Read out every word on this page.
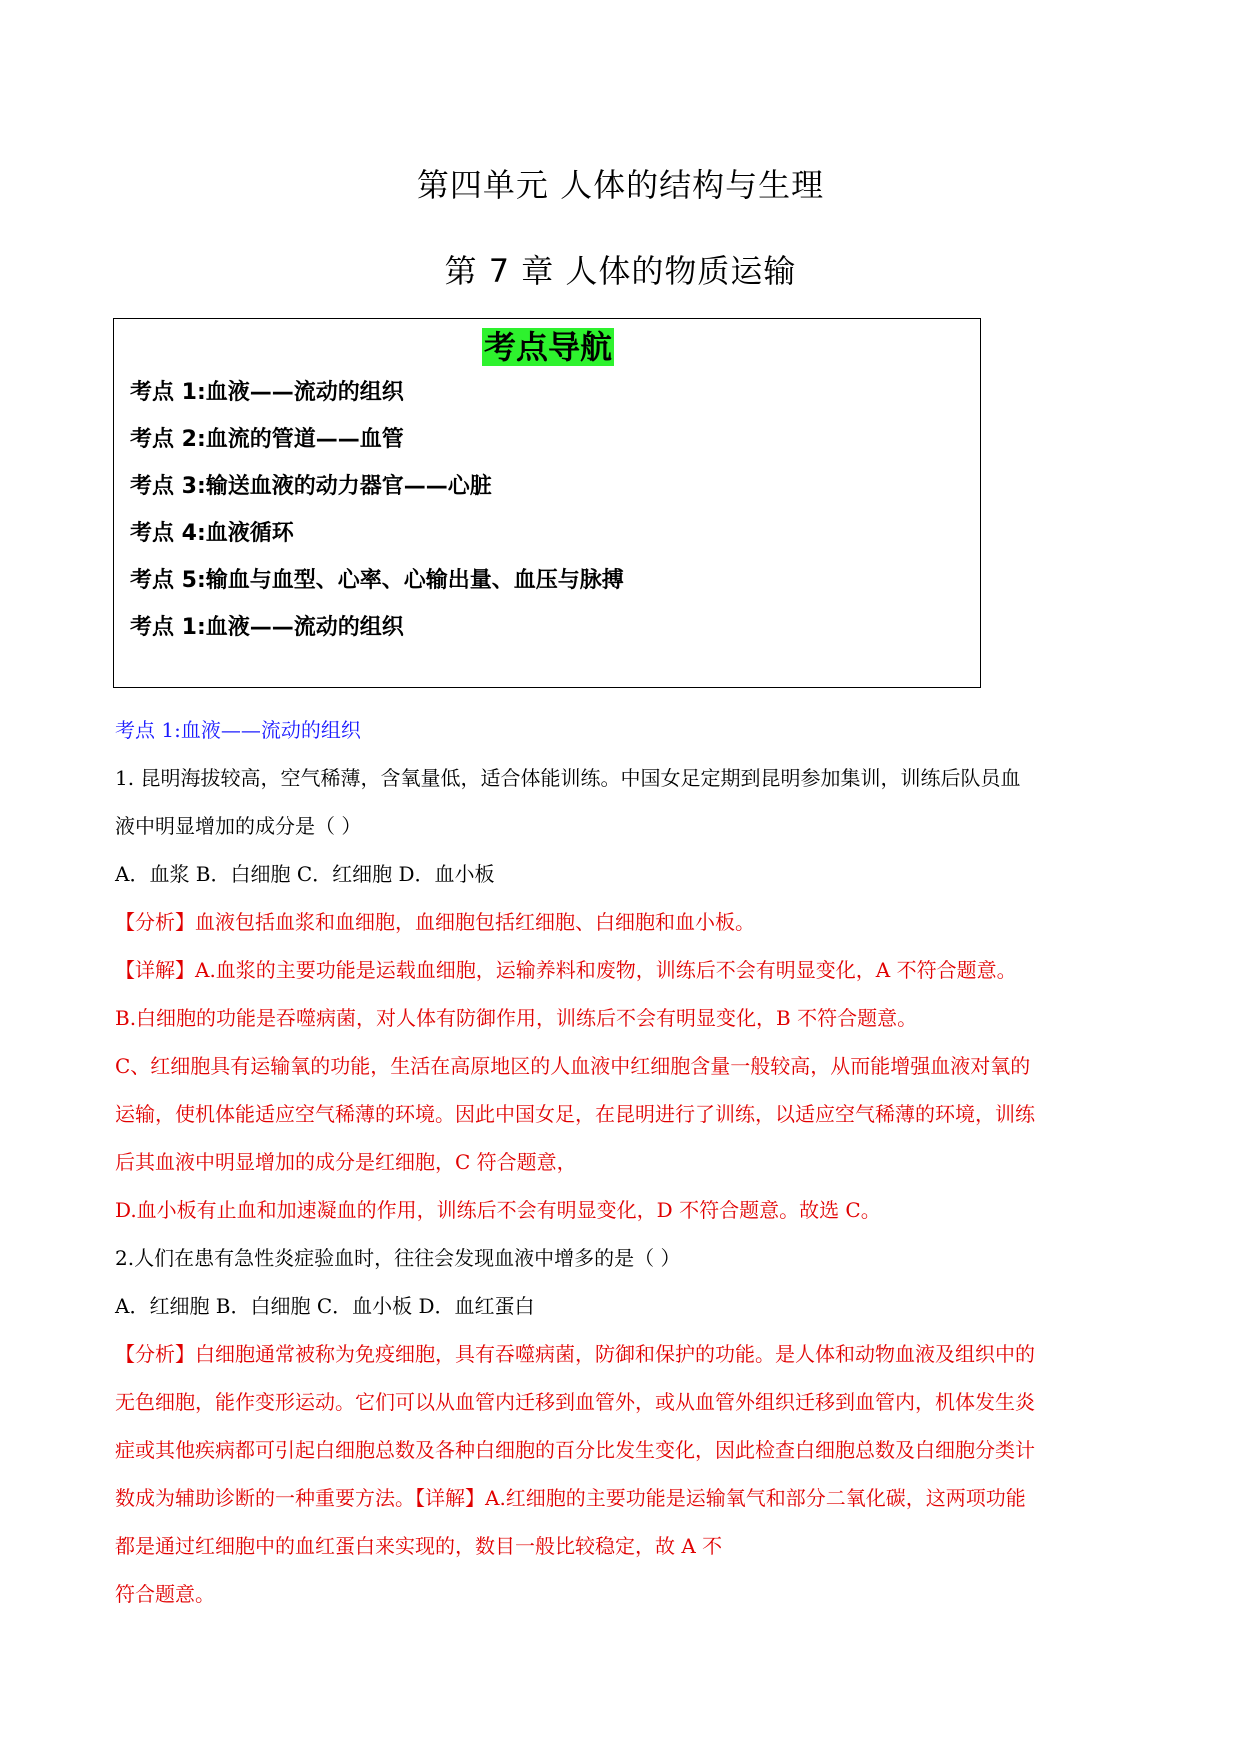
第四单元 人体的结构与生理
第 7 章 人体的物质运输
考点导航
考点 1:血液——流动的组织
考点 2:血流的管道——血管
考点 3:输送血液的动力器官——心脏
考点 4:血液循环
考点 5:输血与血型、心率、心输出量、血压与脉搏
考点 1:血液——流动的组织
考点 1:血液——流动的组织
1. 昆明海拔较高，空气稀薄，含氧量低，适合体能训练。中国女足定期到昆明参加集训，训练后队员血
液中明显增加的成分是（ ）
A．血浆 B．白细胞 C．红细胞 D．血小板
【分析】血液包括血浆和血细胞，血细胞包括红细胞、白细胞和血小板。
【详解】A.血浆的主要功能是运载血细胞，运输养料和废物，训练后不会有明显变化，A 不符合题意。
B.白细胞的功能是吞噬病菌，对人体有防御作用，训练后不会有明显变化，B 不符合题意。
C、红细胞具有运输氧的功能，生活在高原地区的人血液中红细胞含量一般较高，从而能增强血液对氧的
运输，使机体能适应空气稀薄的环境。因此中国女足，在昆明进行了训练，以适应空气稀薄的环境，训练
后其血液中明显增加的成分是红细胞，C 符合题意，
D.血小板有止血和加速凝血的作用，训练后不会有明显变化，D 不符合题意。故选 C。
2.人们在患有急性炎症验血时，往往会发现血液中增多的是（ ）
A．红细胞 B．白细胞 C．血小板 D．血红蛋白
【分析】白细胞通常被称为免疫细胞，具有吞噬病菌，防御和保护的功能。是人体和动物血液及组织中的
无色细胞，能作变形运动。它们可以从血管内迁移到血管外，或从血管外组织迁移到血管内，机体发生炎
症或其他疾病都可引起白细胞总数及各种白细胞的百分比发生变化，因此检查白细胞总数及白细胞分类计
数成为辅助诊断的一种重要方法。【详解】A.红细胞的主要功能是运输氧气和部分二氧化碳，这两项功能
都是通过红细胞中的血红蛋白来实现的，数目一般比较稳定，故 A 不
符合题意。
